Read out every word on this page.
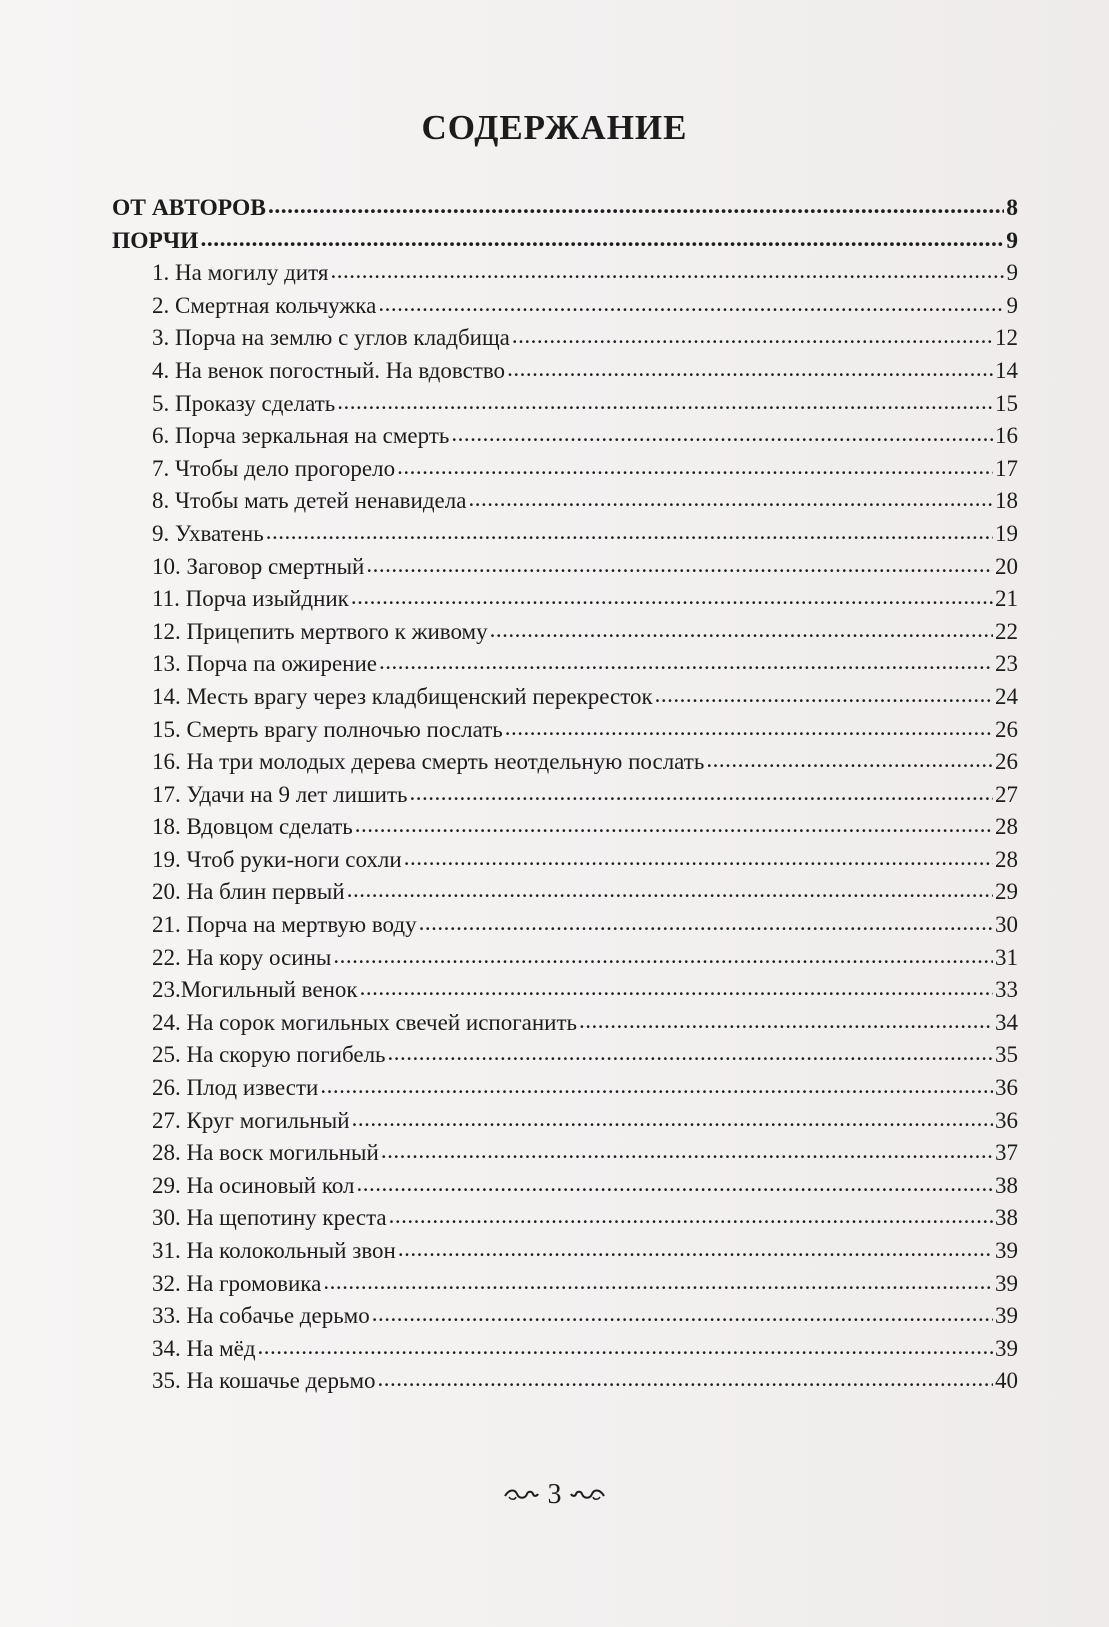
СОДЕРЖАНИЕ
ОТ АВТОРОВ .....	8
ПОРЧИ .....	9
1. На могилу дитя .....	9
2. Смертная кольчужка .....	9
3. Порча на землю с углов кладбища .....	12
4. На венок погостный. На вдовство .....	14
5. Проказу сделать .....	15
6. Порча зеркальная на смерть .....	16
7. Чтобы дело прогорело .....	17
8. Чтобы мать детей ненавидела .....	18
9. Ухватень .....	19
10. Заговор смертный .....	20
11. Порча изыйдник .....	21
12. Прицепить мертвого к живому .....	22
13. Порча па ожирение .....	23
14. Месть врагу через кладбищенский перекресток .....	24
15. Смерть врагу полночью послать .....	26
16. На три молодых дерева смерть неотдельную послать .....	26
17. Удачи на 9 лет лишить .....	27
18. Вдовцом сделать .....	28
19. Чтоб руки-ноги сохли .....	28
20. На блин первый .....	29
21. Порча на мертвую воду .....	30
22. На кору осины .....	31
23.Могильный венок .....	33
24. На сорок могильных свечей испоганить .....	34
25. На скорую погибель .....	35
26. Плод извести .....	36
27. Круг могильный .....	36
28. На воск могильный .....	37
29. На осиновый кол .....	38
30. На щепотину креста .....	38
31. На колокольный звон .....	39
32. На громовика .....	39
33. На собачье дерьмо .....	39
34. На мёд .....	39
35. На кошачье дерьмо .....	40
3
